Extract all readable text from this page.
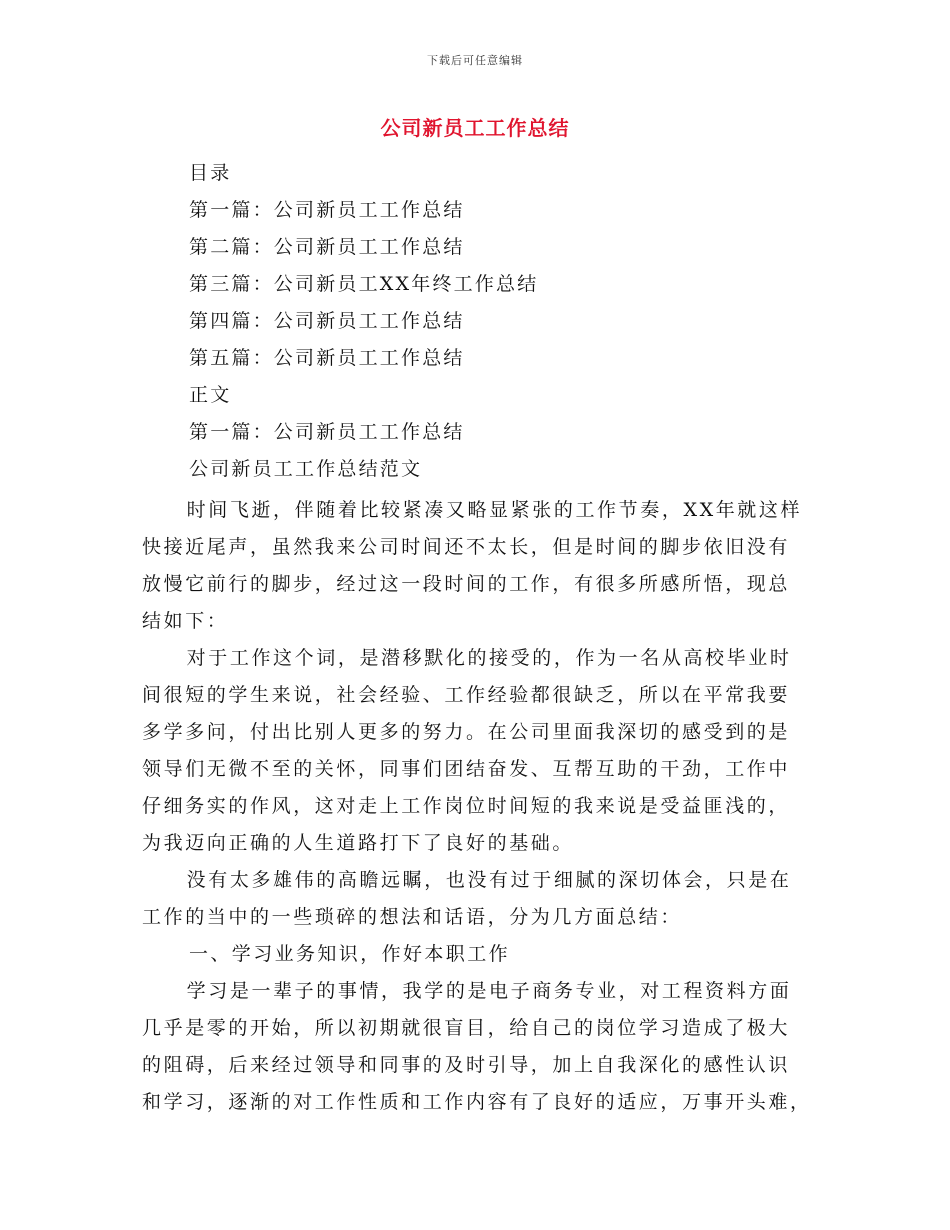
下载后可任意编辑
公司新员工工作总结
目录
第一篇：公司新员工工作总结
第二篇：公司新员工工作总结
第三篇：公司新员工XX年终工作总结
第四篇：公司新员工工作总结
第五篇：公司新员工工作总结
正文
第一篇：公司新员工工作总结
公司新员工工作总结范文

时间飞逝，伴随着比较紧凑又略显紧张的工作节奏，XX年就这样
快接近尾声，虽然我来公司时间还不太长，但是时间的脚步依旧没有
放慢它前行的脚步，经过这一段时间的工作，有很多所感所悟，现总
结如下：

对于工作这个词，是潜移默化的接受的，作为一名从高校毕业时
间很短的学生来说，社会经验、工作经验都很缺乏，所以在平常我要
多学多问，付出比别人更多的努力。在公司里面我深切的感受到的是
领导们无微不至的关怀，同事们团结奋发、互帮互助的干劲，工作中
仔细务实的作风，这对走上工作岗位时间短的我来说是受益匪浅的，
为我迈向正确的人生道路打下了良好的基础。

没有太多雄伟的高瞻远瞩，也没有过于细腻的深切体会，只是在
工作的当中的一些琐碎的想法和话语，分为几方面总结：

一、学习业务知识，作好本职工作

学习是一辈子的事情，我学的是电子商务专业，对工程资料方面
几乎是零的开始，所以初期就很盲目，给自己的岗位学习造成了极大
的阻碍，后来经过领导和同事的及时引导，加上自我深化的感性认识
和学习，逐渐的对工作性质和工作内容有了良好的适应，万事开头难，
